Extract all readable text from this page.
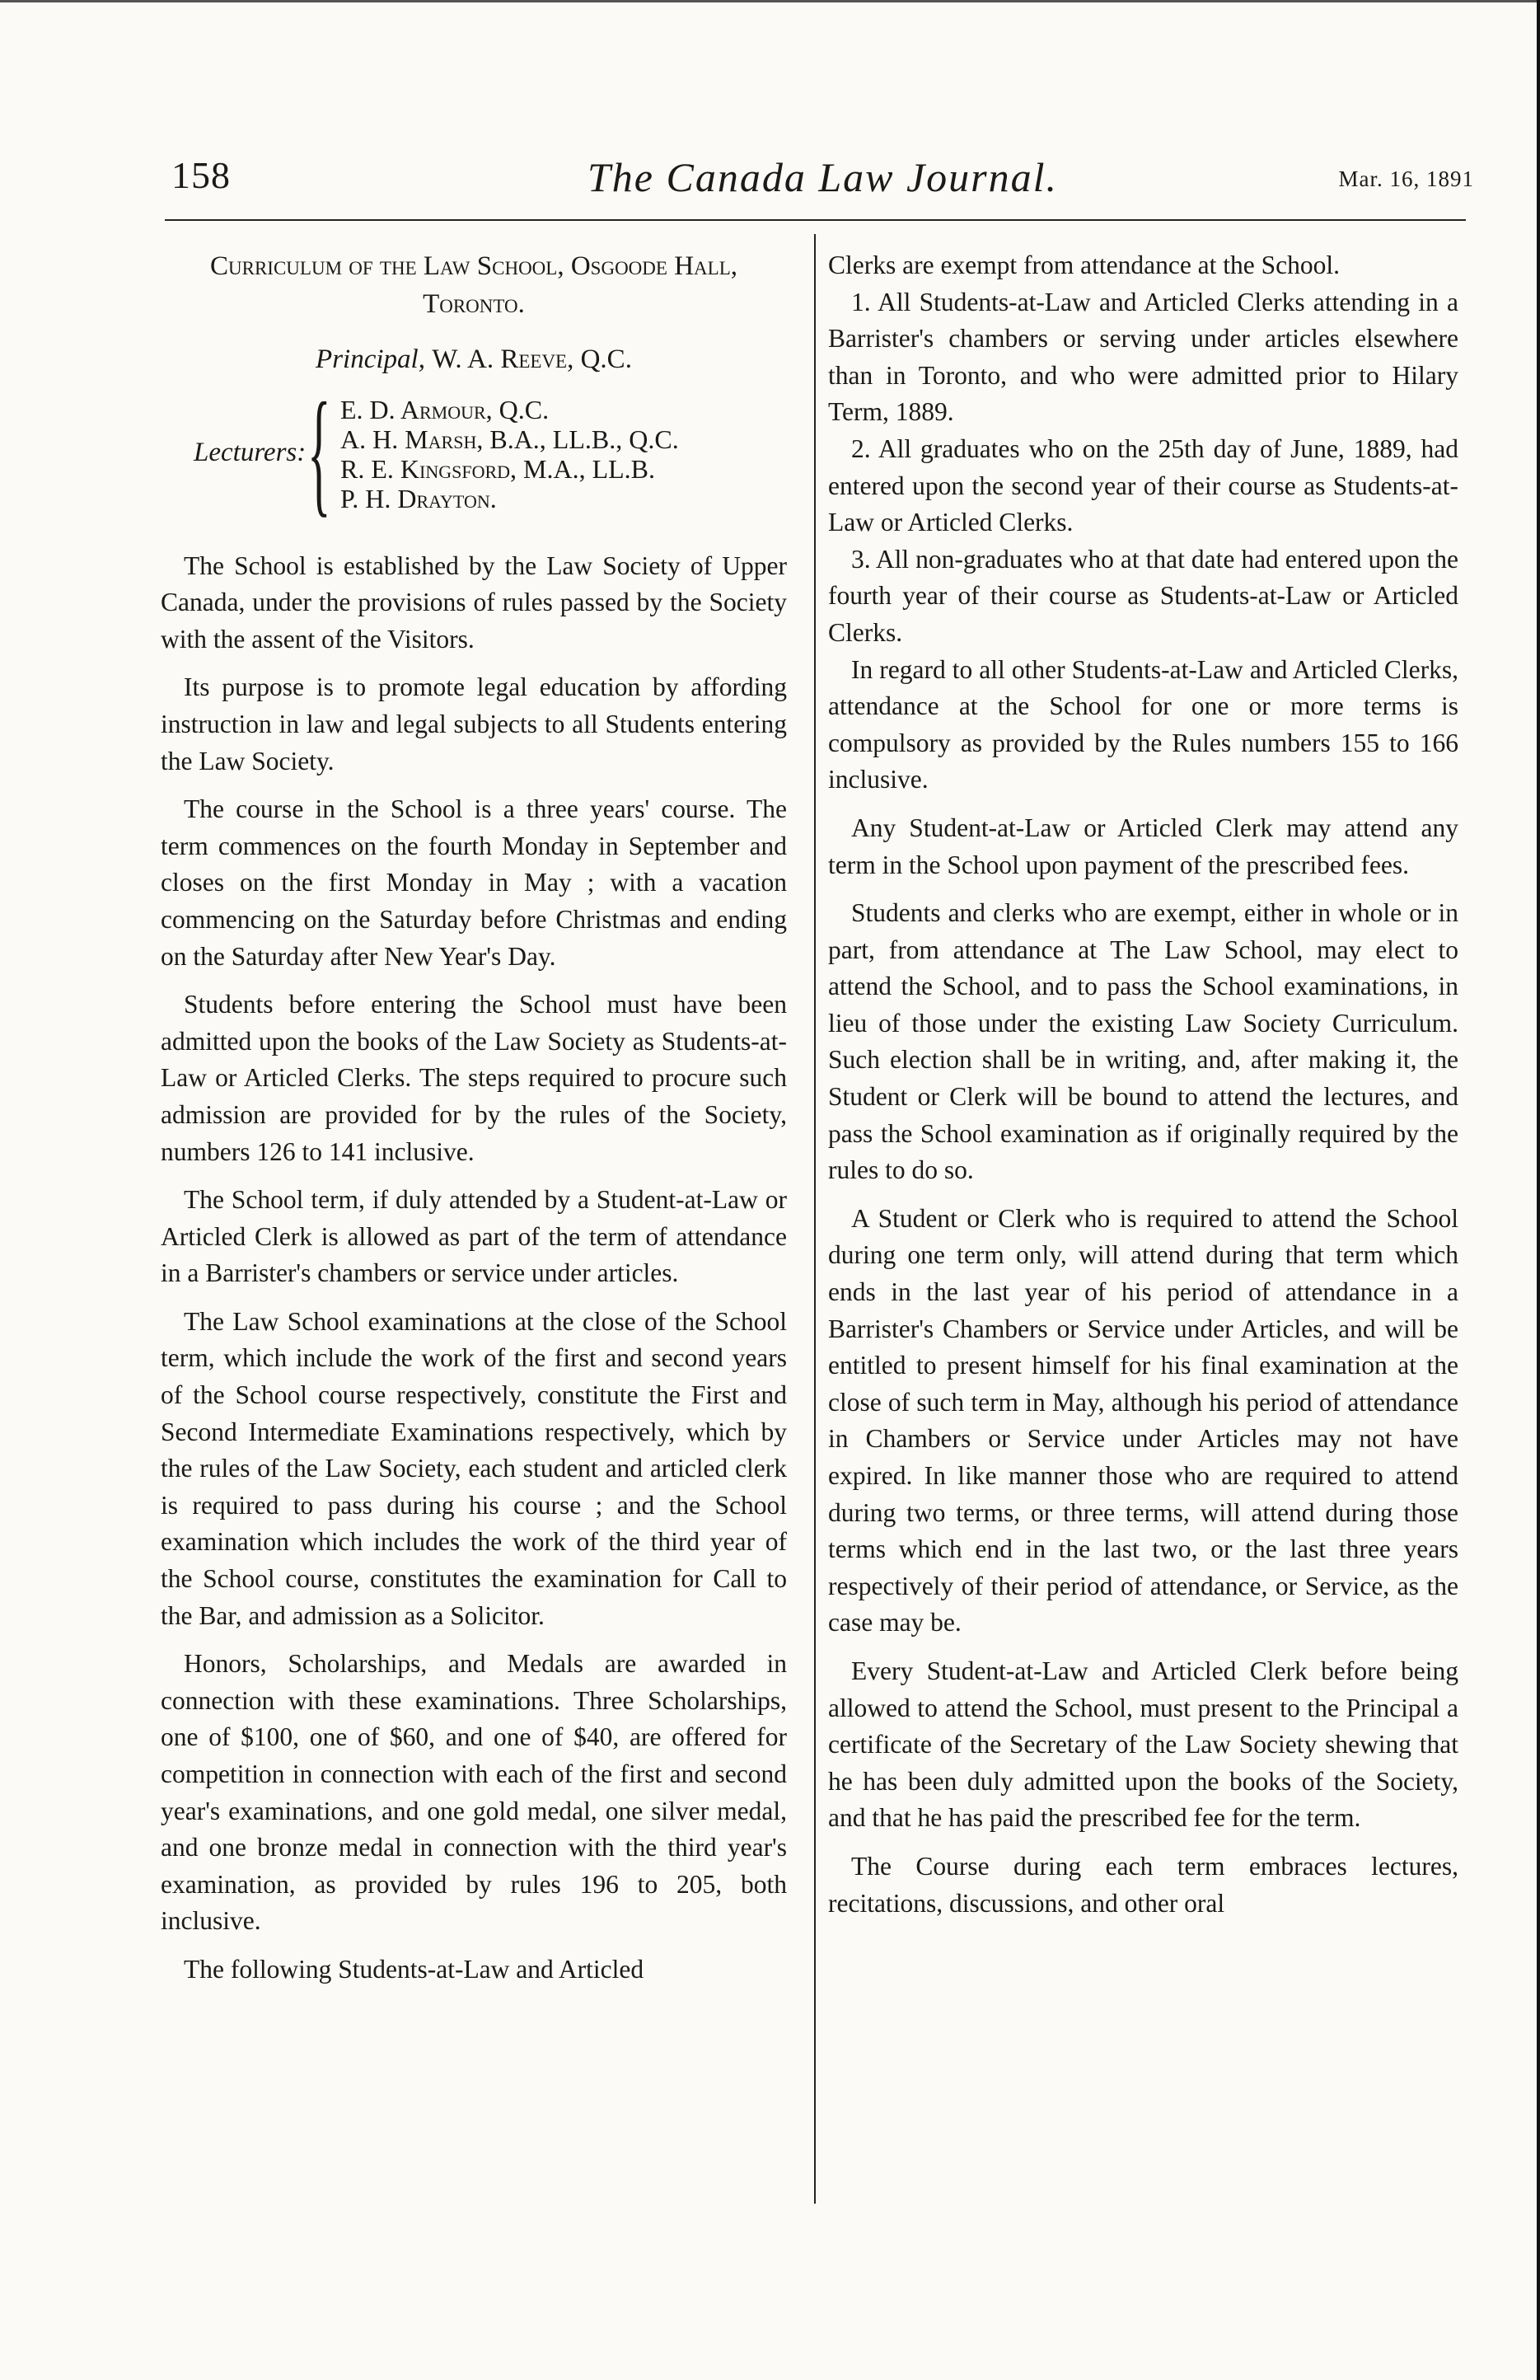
158	The Canada Law Journal.	Mar. 16, 1891
Curriculum of the Law School, Osgoode Hall, Toronto.
Principal, W. A. Reeve, Q.C.
Lecturers: { E. D. Armour, Q.C.
A. H. Marsh, B.A., LL.B., Q.C.
R. E. Kingsford, M.A., LL.B.
P. H. Drayton.

The School is established by the Law Society of Upper Canada, under the provisions of rules passed by the Society with the assent of the Visitors.

Its purpose is to promote legal education by affording instruction in law and legal subjects to all Students entering the Law Society.

The course in the School is a three years' course. The term commences on the fourth Monday in September and closes on the first Monday in May ; with a vacation commencing on the Saturday before Christmas and ending on the Saturday after New Year's Day.

Students before entering the School must have been admitted upon the books of the Law Society as Students-at-Law or Articled Clerks. The steps required to procure such admission are provided for by the rules of the Society, numbers 126 to 141 inclusive.

The School term, if duly attended by a Student-at-Law or Articled Clerk is allowed as part of the term of attendance in a Barrister's chambers or service under articles.

The Law School examinations at the close of the School term, which include the work of the first and second years of the School course respectively, constitute the First and Second Intermediate Examinations respectively, which by the rules of the Law Society, each student and articled clerk is required to pass during his course ; and the School examination which includes the work of the third year of the School course, constitutes the examination for Call to the Bar, and admission as a Solicitor.

Honors, Scholarships, and Medals are awarded in connection with these examinations. Three Scholarships, one of $100, one of $60, and one of $40, are offered for competition in connection with each of the first and second year's examinations, and one gold medal, one silver medal, and one bronze medal in connection with the third year's examination, as provided by rules 196 to 205, both inclusive.

The following Students-at-Law and Articled

Clerks are exempt from attendance at the School.

1. All Students-at-Law and Articled Clerks attending in a Barrister's chambers or serving under articles elsewhere than in Toronto, and who were admitted prior to Hilary Term, 1889.

2. All graduates who on the 25th day of June, 1889, had entered upon the second year of their course as Students-at-Law or Articled Clerks.

3. All non-graduates who at that date had entered upon the fourth year of their course as Students-at-Law or Articled Clerks.

In regard to all other Students-at-Law and Articled Clerks, attendance at the School for one or more terms is compulsory as provided by the Rules numbers 155 to 166 inclusive.

Any Student-at-Law or Articled Clerk may attend any term in the School upon payment of the prescribed fees.

Students and clerks who are exempt, either in whole or in part, from attendance at The Law School, may elect to attend the School, and to pass the School examinations, in lieu of those under the existing Law Society Curriculum. Such election shall be in writing, and, after making it, the Student or Clerk will be bound to attend the lectures, and pass the School examination as if originally required by the rules to do so.

A Student or Clerk who is required to attend the School during one term only, will attend during that term which ends in the last year of his period of attendance in a Barrister's Chambers or Service under Articles, and will be entitled to present himself for his final examination at the close of such term in May, although his period of attendance in Chambers or Service under Articles may not have expired. In like manner those who are required to attend during two terms, or three terms, will attend during those terms which end in the last two, or the last three years respectively of their period of attendance, or Service, as the case may be.

Every Student-at-Law and Articled Clerk before being allowed to attend the School, must present to the Principal a certificate of the Secretary of the Law Society shewing that he has been duly admitted upon the books of the Society, and that he has paid the prescribed fee for the term.

The Course during each term embraces lectures, recitations, discussions, and other oral
